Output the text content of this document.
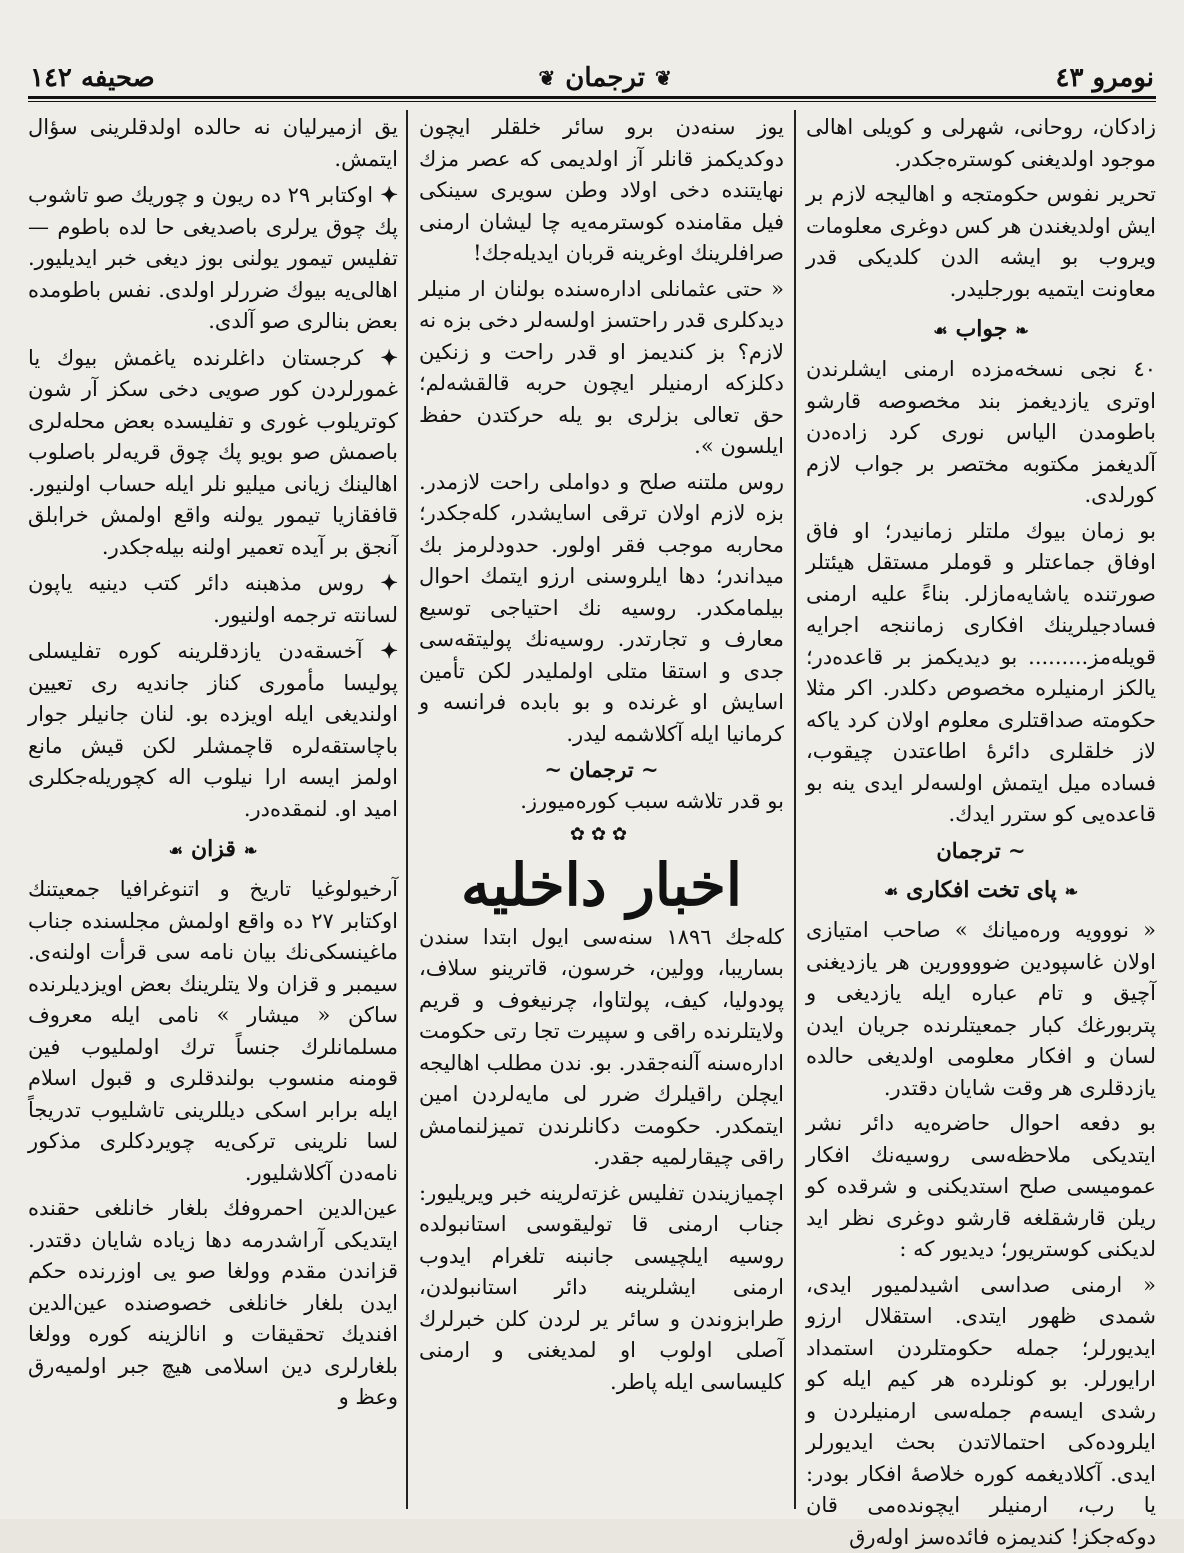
نومرو ٤٣
❦
ترجمان
❦
صحیفه ١٤٢

زادكان، روحانی، شهرلی و كويلی اهالی موجود اولديغنی كوستره‌جكدر.

تحرير نفوس حكومتجه و اهاليجه لازم بر ايش اولديغندن هر كس دوغری معلومات ويروب بو ايشه الدن كلديكی قدر معاونت ايتميه بورجليدر.

❧جواب☙

٤٠ نجی نسخه‌مزده ارمنی ايشلرندن اوتری يازديغمز بند مخصوصه قارشو باطومدن الياس نوری كرد زاده‌دن آلديغمز مكتوبه مختصر بر جواب لازم كورلدی.

بو زمان بيوك ملتلر زمانيدر؛ او فاق اوفاق جماعتلر و قوملر مستقل هيئتلر صورتنده ياشايه‌مازلر. بناءً عليه ارمنی فسادجيلرينك افكاری زماننجه اجرايه قويله‌مز......... بو ديديكمز بر قاعده‌در؛ يالكز ارمنيلره مخصوص دكلدر. اكر مثلا حكومته صداقتلری معلوم اولان كرد ياكه لاز خلقلری دائرۀ اطاعتدن چيقوب، فساده ميل ايتمش اولسه‌لر ايدی ينه بو قاعده‌يی كو سترر ايدك.

~ ترجمان
❧پای تخت افكاری☙

« نووويه ورەميانك » صاحب امتيازی اولان غاسپودين ضوووورين هر يازديغنی آچيق و تام عباره ايله يازديغی و پتربورغك كبار جمعيتلرنده جريان ايدن لسان و افكار معلومی اولديغی حالده يازدقلری هر وقت شايان دقتدر.

بو دفعه احوال حاضره‌يه دائر نشر ايتديكی ملاحظه‌سی روسيه‌نك افكار عموميسی صلح استديكنی و شرقده كو ريلن قارشقلغه قارشو دوغری نظر ايد لديكنی كوستريور؛ ديديور كه :

« ارمنی صداسی اشيدلميور ايدی، شمدی ظهور ايتدی. استقلال ارزو ايديورلر؛ جمله حكومتلردن استمداد ارايورلر. بو كونلرده هر كيم ايله كو رشدی ايسه‌م جمله‌سی ارمنيلردن و ايلروده‌كی احتمالاتدن بحث ايديورلر ايدی. آكلاديغمه كوره خلاصۀ افكار بودر: يا رب، ارمنيلر ايچونده‌می قان دوكه‌جكز! كنديمزه فائده‌سز اوله‌رق

يوز سنه‌دن برو سائر خلقلر ايچون دوكديكمز قانلر آز اولديمی كه عصر مزك نهايتنده دخی اولاد وطن سويری سينكی فيل مقامنده كوسترمه‌يه چا ليشان ارمنی صرافلرينك اوغرينه قربان ايديله‌جك!

« حتی عثمانلی اداره‌سنده بولنان ار منيلر ديدكلری قدر راحتسز اولسه‌لر دخی بزه نه لازم؟ بز كنديمز او قدر راحت و زنكين دكلزكه ارمنيلر ايچون حربه قالقشه‌لم؛ حق تعالی بزلری بو يله حركتدن حفظ ايلسون ».

روس ملتنه صلح و دواملی راحت لازمدر. بزه لازم اولان ترقی اسايشدر، كله‌جكدر؛ محاربه موجب فقر اولور. حدودلرمز بك ميداندر؛ دها ايلروسنی ارزو ايتمك احوال بيلمامكدر. روسيه نك احتياجی توسيع معارف و تجارتدر. روسيه‌نك پوليتقه‌سی جدی و استقا متلی اولمليدر لكن تأمين اسايش او غرنده و بو بابده فرانسه و كرمانيا ايله آكلاشمه ليدر.

~ ترجمان ~

بو قدر تلاشه سبب كوره‌ميورز.

✿✿✿
اخبار داخليه

كله‌جك ١٨٩٦ سنه‌سی ايول ابتدا سندن بساريبا، وولين، خرسون، قاترينو سلاف، پودوليا، كيف، پولتاوا، چرنيغوف و قريم ولايتلرنده راقی و سپيرت تجا رتی حكومت اداره‌سنه آلنه‌جقدر. بو. ندن مطلب اهاليجه ايچلن راقيلرك ضرر لی مايه‌لردن امين ايتمكدر. حكومت دكانلرندن تميزلنمامش راقی چيقارلميه جقدر.

اچميازيندن تفليس غزته‌لرينه خبر ويريليور: جناب ارمنی قا توليقوسی استانبولده روسيه ايلچيسی جانبنه تلغرام ايدوب ارمنی ايشلرينه دائر استانبولدن، طرابزوندن و سائر ير لردن كلن خبرلرك آصلی اولوب او لمديغنی و ارمنی كليساسی ايله پاطر.

يق ازميرليان نه حالده اولدقلرينی سؤال ايتمش.

✦ اوكتابر ٢٩ ده ريون و چوريك صو تاشوب پك چوق يرلری باصديغی حا لده باطوم — تفليس تيمور يولنی بوز ديغی خبر ايديليور. اهالی‌يه بيوك ضررلر اولدی. نفس باطومده بعض بنالری صو آلدی.

✦ كرجستان داغلرنده ياغمش بيوك يا غمورلردن كور صويی دخی سكز آر شون كوتريلوب غوری و تفليسده بعض محله‌لری باصمش صو بويو پك چوق قريه‌لر باصلوب اهالينك زيانی ميليو نلر ايله حساب اولنيور. قافقازيا تيمور يولنه واقع اولمش خرابلق آنجق بر آيده تعمير اولنه بيله‌جكدر.

✦ روس مذهبنه دائر كتب دينيه ياپون لسانته ترجمه اولنيور.

✦ آخسقه‌دن يازدقلرينه كوره تفليسلی پوليسا مأموری كناز جانديه ری تعيين اولنديغی ايله اويزده بو. لنان جانيلر جوار باچاستقه‌لره قاچمشلر لكن قيش مانع اولمز ايسه ارا نيلوب اله كچوريله‌جكلری اميد او. لنمقده‌در.

❧قزان☙

آرخيولوغيا تاريخ و اتنوغرافيا جمعيتنك اوكتابر ٢٧ ده واقع اولمش مجلسنده جناب ماغينسكی‌نك بيان نامه سی قرأت اولنه‌ی. سيمبر و قزان ولا يتلرينك بعض اويزديلرنده ساكن « ميشار » نامی ايله معروف مسلمانلرك جنساً ترك اولمليوب فين قومنه منسوب بولندقلری و قبول اسلام ايله برابر اسكی ديللرينی تاشليوب تدريجاً لسا نلرينی تركی‌يه چويردكلری مذكور نامه‌دن آكلاشليور.

عين‌الدين احمروفك بلغار خانلغی حقنده ايتديكی آراشدرمه دها زياده شايان دقتدر. قزاندن مقدم وولغا صو يی اوزرنده حكم ايدن بلغار خانلغی خصوصنده عين‌الدين افنديك تحقيقات و انالزينه كوره وولغا بلغارلری دين اسلامی هيچ جبر اولميه‌رق وعظ و
